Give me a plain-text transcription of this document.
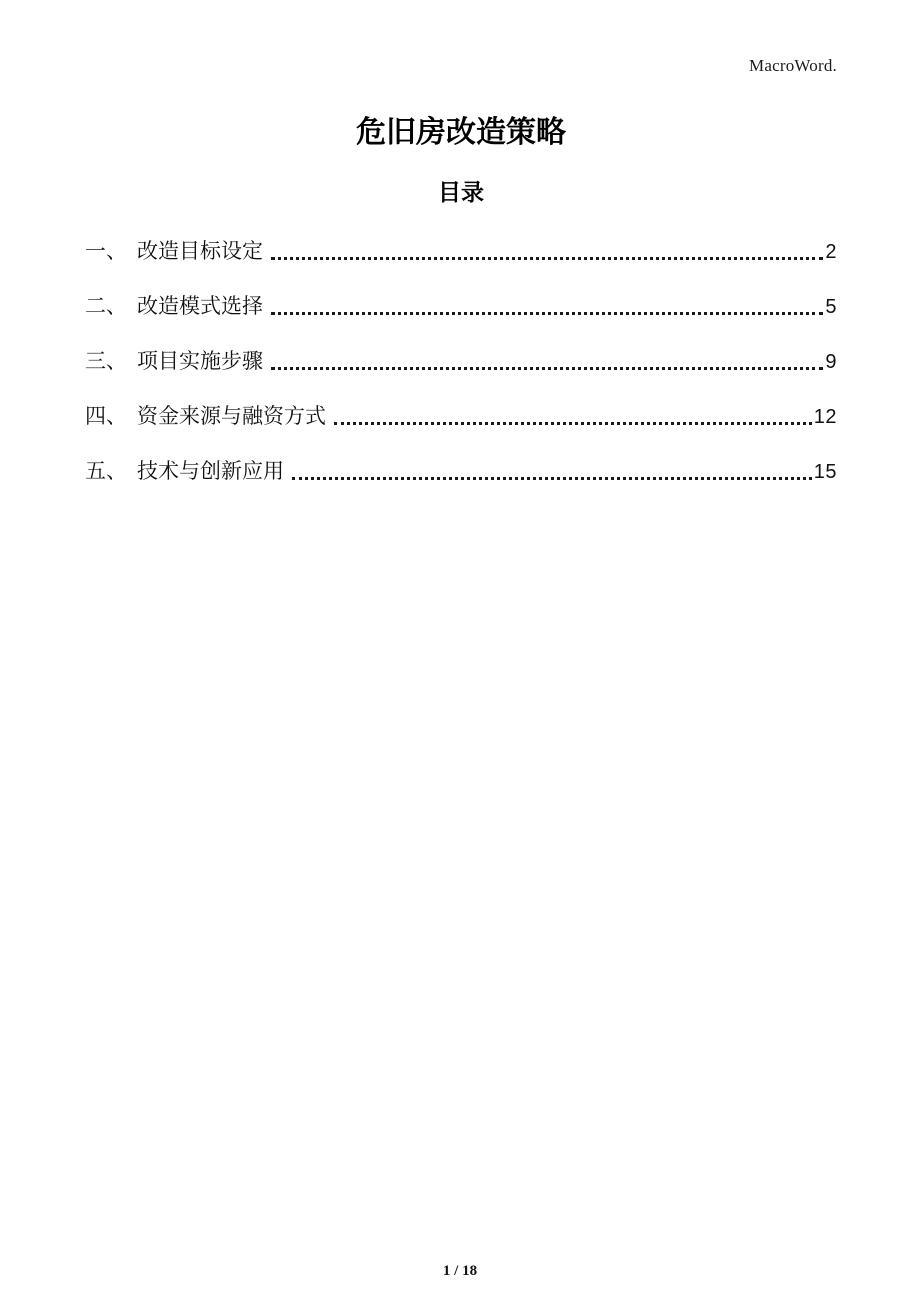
MacroWord.
危旧房改造策略
目录
一、 改造目标设定	2
二、 改造模式选择	5
三、 项目实施步骤	9
四、 资金来源与融资方式	12
五、 技术与创新应用	15
1 / 18
